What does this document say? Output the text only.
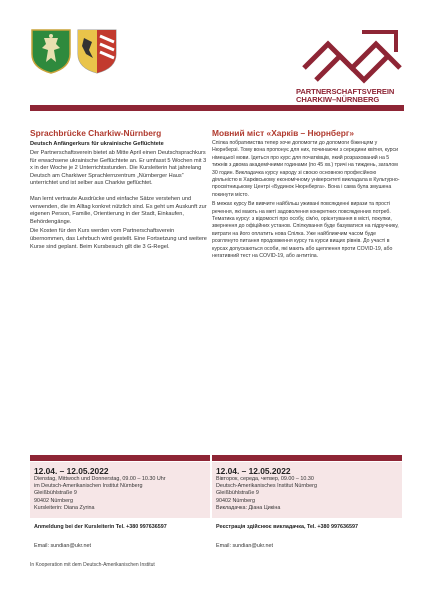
PARTNERSCHAFTSVEREIN
CHARKIW–NÜRNBERG
Sprachbrücke Charkiw-Nürnberg
Deutsch Anfängerkurs für ukrainische Geflüchtete
Der Partnerschaftsverein bietet ab Mitte April einen Deutschsprachkurs für erwachsene ukrainische Geflüchtete an. Er umfasst 5 Wochen mit 3 x in der Woche je 2 Unterrichtsstunden. Die Kursleiterin hat jahrelang Deutsch am Charkiwer Sprachlernzentrum „Nürnberger Haus“ unterrichtet und ist selber aus Charkiw geflüchtet.
Man lernt vertraute Ausdrücke und einfache Sätze verstehen und verwenden, die im Alltag konkret nützlich sind. Es geht um Auskunft zur eigenen Person, Familie, Orientierung in der Stadt, Einkaufen, Behördengänge.
Die Kosten für den Kurs werden vom Partnerschaftsverein übernommen, das Lehrbuch wird gestellt. Eine Fortsetzung und weitere Kurse sind geplant. Beim Kursbesuch gilt die 3 G-Regel.
Мовний міст «Харків – Нюрнберг»
Спілка побратимства тепер хоче допомогти до допомоги біженцям у Нюрнберзі. Тому вона пропонує для них, починаючи з середини квітня, курси німецької мови. Ідеться про курс для початківців, який розрахований на 5 тижнів з двома академічними годинами (по 45 хв.) тричі на тиждень, загалом 30 годин. Викладачка курсу народу зі своєю основною професійною діяльністю в Харківському економічному університеті викладала в Культурно-просвітницькому Центрі «Будинок Нюрнберга». Вона і сама була змушена покинути місто.
В межах курсу Ви вивчите найбільш уживані повсякденні вирази та прості речення, які мають на меті задоволення конкретних повсякденних потреб. Тематика курсу: з відомості про особу, сім'ю, орієнтування в місті, покупки, звернення до офіційних установ. Спілкування буде базуватися на підручнику, витрати на його оплатить нова Спілка. Уже найближчим часом буде розглянуто питання продовження курсу та курси вищих рівнів. До участі в курсах допускаються особи, які мають або щеплення проти COVID-19, або негативний тест на COVID-19, або антитіла.
12.04. – 12.05.2022
Dienstag, Mittwoch und Donnerstag, 09.00 – 10.30 Uhr
im Deutsch-Amerikanischen Institut Nürnberg
Gleißbühlstraße 9
90402 Nürnberg
Kursleiterin: Diana Zyrina
12.04. – 12.05.2022
Вівторок, середа, четвер, 09.00 – 10.30
Deutsch-Amerikanisches Institut Nürnberg
Gleißbühlstraße 9
90402 Nürnberg
Викладачка: Діана Цикіна
Anmeldung bei der Kursleiterin Tel. +380 997636597
Email: sundian@ukr.net
Реєстрація здійснює викладачка, Tel. +380 997636597
Email: sundian@ukr.net
In Kooperation mit dem Deutsch-Amerikanischen Institut
